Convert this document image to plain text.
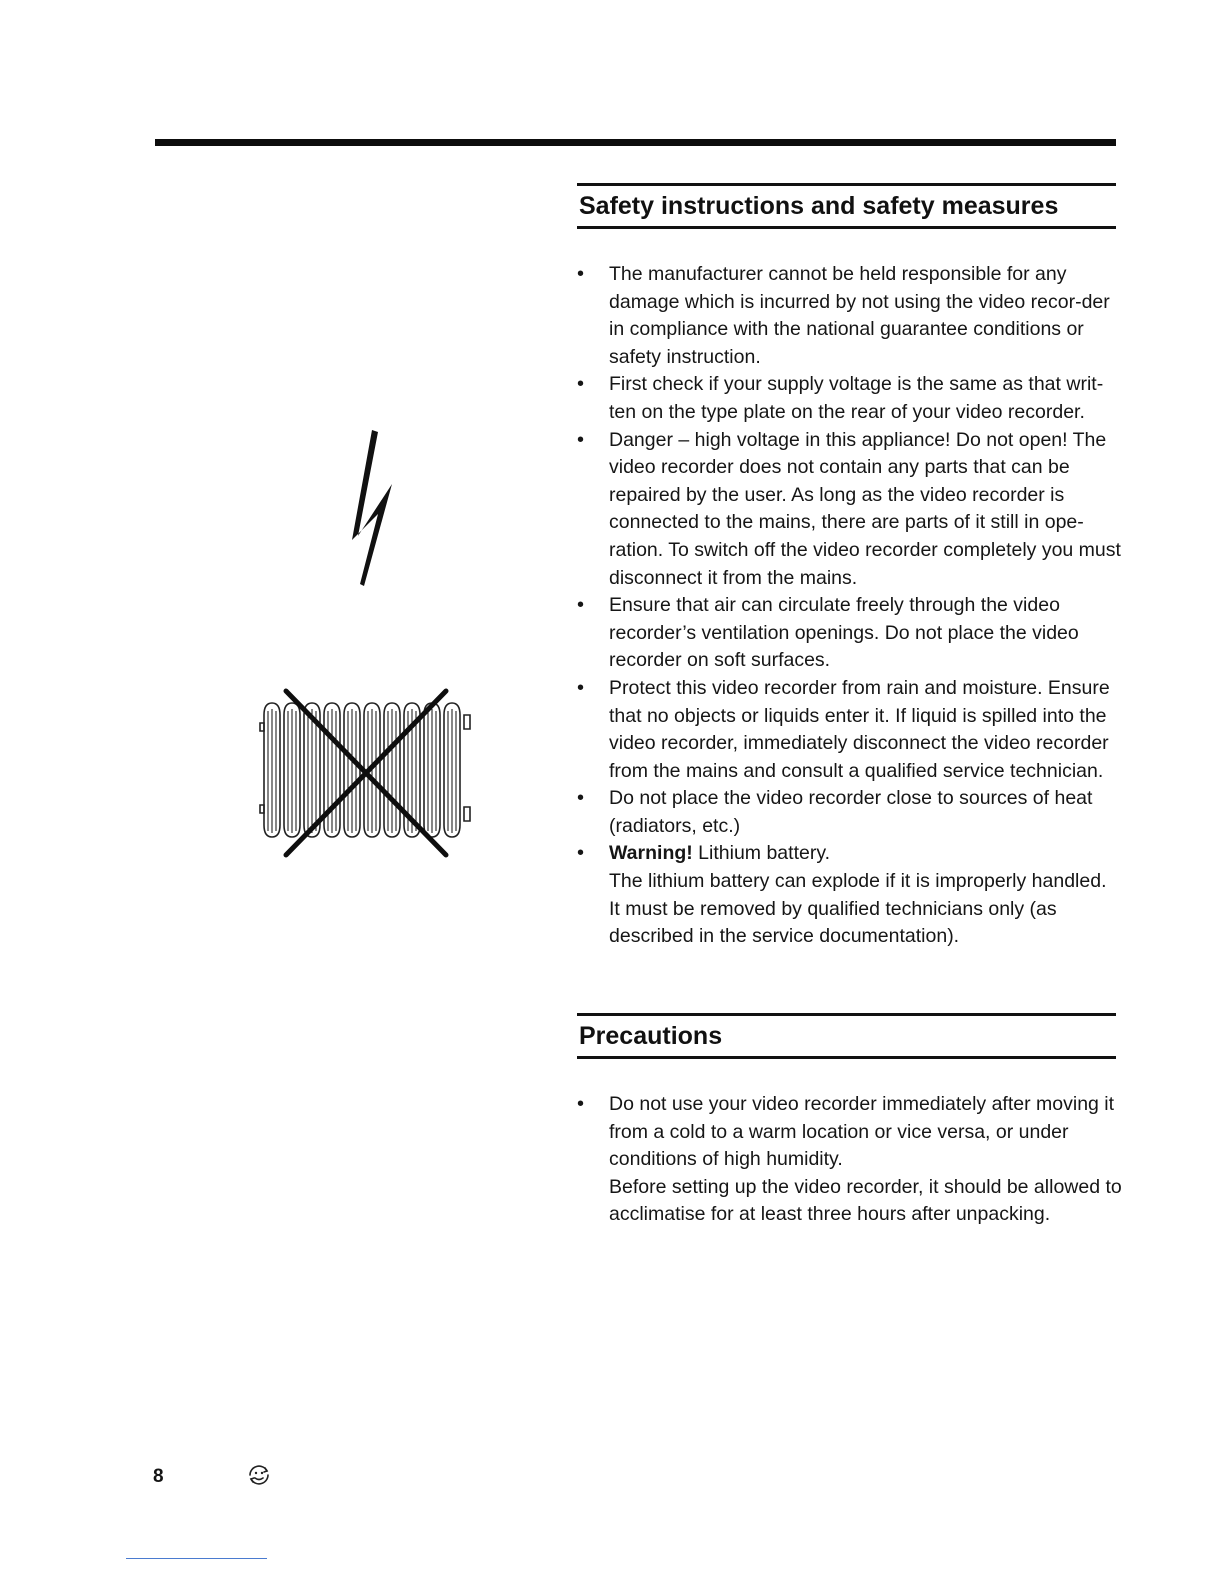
Safety instructions and safety measures

• The manufacturer cannot be held responsible for any damage which is incurred by not using the video recor-der in compliance with the national guarantee conditions or safety instruction.

• First check if your supply voltage is the same as that writ-ten on the type plate on the rear of your video recorder.

• Danger – high voltage in this appliance! Do not open! The video recorder does not contain any parts that can be repaired by the user. As long as the video recorder is connected to the mains, there are parts of it still in ope-ration. To switch off the video recorder completely you must disconnect it from the mains.

• Ensure that air can circulate freely through the video recorder’s ventilation openings. Do not place the video recorder on soft surfaces.

• Protect this video recorder from rain and moisture. Ensure that no objects or liquids enter it. If liquid is spilled into the video recorder, immediately disconnect the video recorder from the mains and consult a qualified service technician.

• Do not place the video recorder close to sources of heat (radiators, etc.)

• Warning! Lithium battery.

The lithium battery can explode if it is improperly handled. It must be removed by qualified technicians only (as described in the service documentation).

Precautions

• Do not use your video recorder immediately after moving it from a cold to a warm location or vice versa, or under conditions of high humidity.

Before setting up the video recorder, it should be allowed to acclimatise for at least three hours after unpacking.

8
